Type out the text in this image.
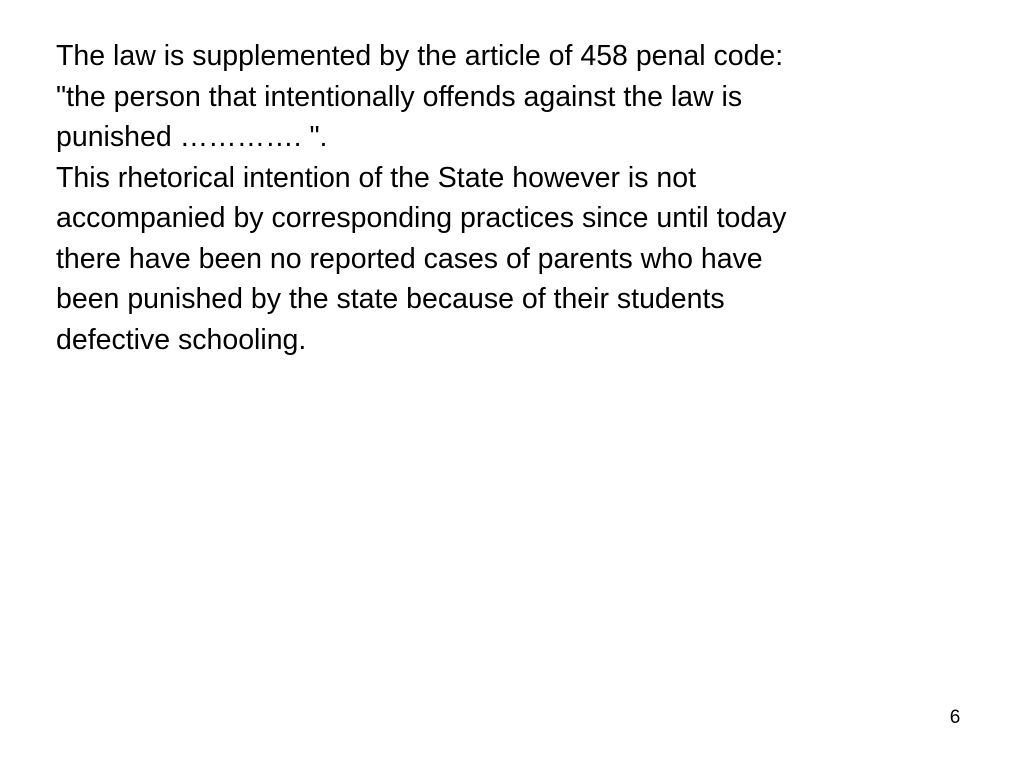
The law is supplemented by the article of 458 penal code:
"the person that intentionally offends against the law is
punished …………. ".
This rhetorical intention of the State however is not
accompanied by corresponding practices since until today
there have been no reported cases of parents who have
been punished by the state because of their students
defective schooling.
6
